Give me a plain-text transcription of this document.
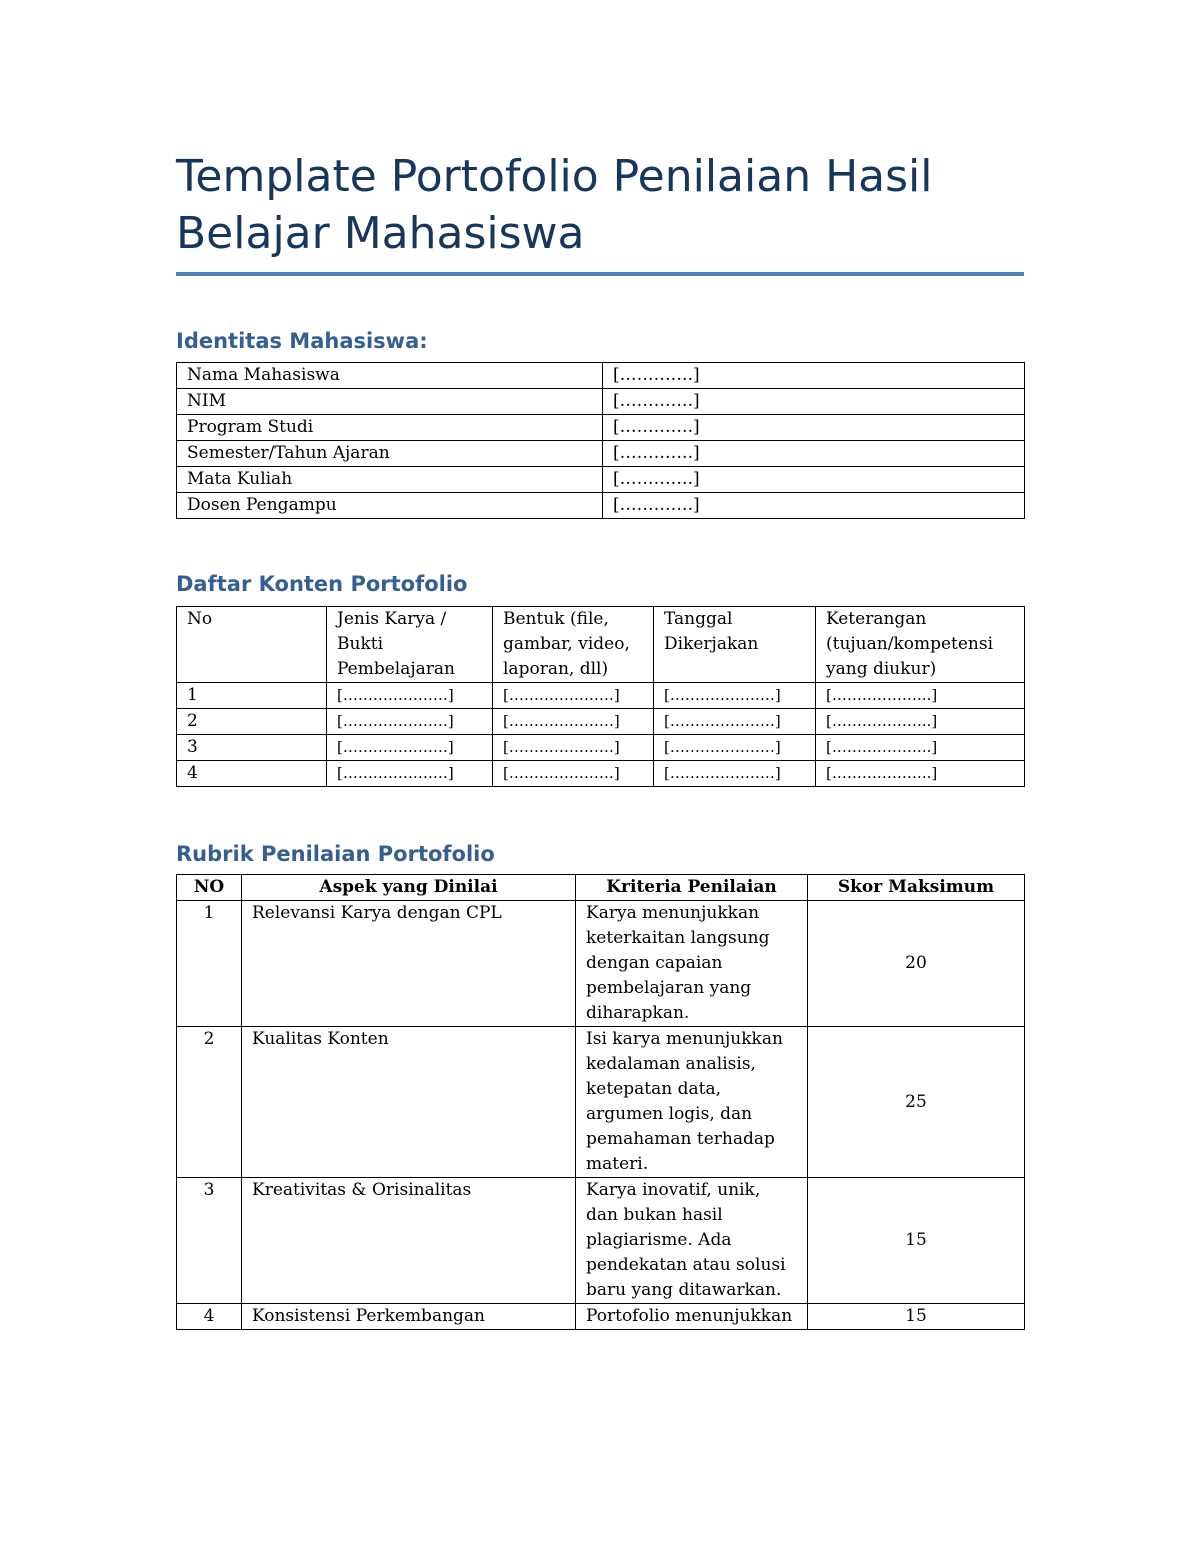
Template Portofolio Penilaian Hasil Belajar Mahasiswa
Identitas Mahasiswa:
Nama Mahasiswa	[………….]
NIM	[………….]
Program Studi	[………….]
Semester/Tahun Ajaran	[………….]
Mata Kuliah	[………….]
Dosen Pengampu	[………….]
Daftar Konten Portofolio
No	Jenis Karya / Bukti Pembelajaran	Bentuk (file, gambar, video, laporan, dll)	Tanggal Dikerjakan	Keterangan (tujuan/kompetensi yang diukur)
1	[…………………]	[…………………]	[…………………]	[………………..]
2	[…………………]	[…………………]	[…………………]	[………………..]
3	[…………………]	[…………………]	[…………………]	[………………..]
4	[…………………]	[…………………]	[…………………]	[………………..]
Rubrik Penilaian Portofolio
NO	Aspek yang Dinilai	Kriteria Penilaian	Skor Maksimum
1	Relevansi Karya dengan CPL	Karya menunjukkan keterkaitan langsung dengan capaian pembelajaran yang diharapkan.	20
2	Kualitas Konten	Isi karya menunjukkan kedalaman analisis, ketepatan data, argumen logis, dan pemahaman terhadap materi.	25
3	Kreativitas & Orisinalitas	Karya inovatif, unik, dan bukan hasil plagiarisme. Ada pendekatan atau solusi baru yang ditawarkan.	15
4	Konsistensi Perkembangan	Portofolio menunjukkan	15
